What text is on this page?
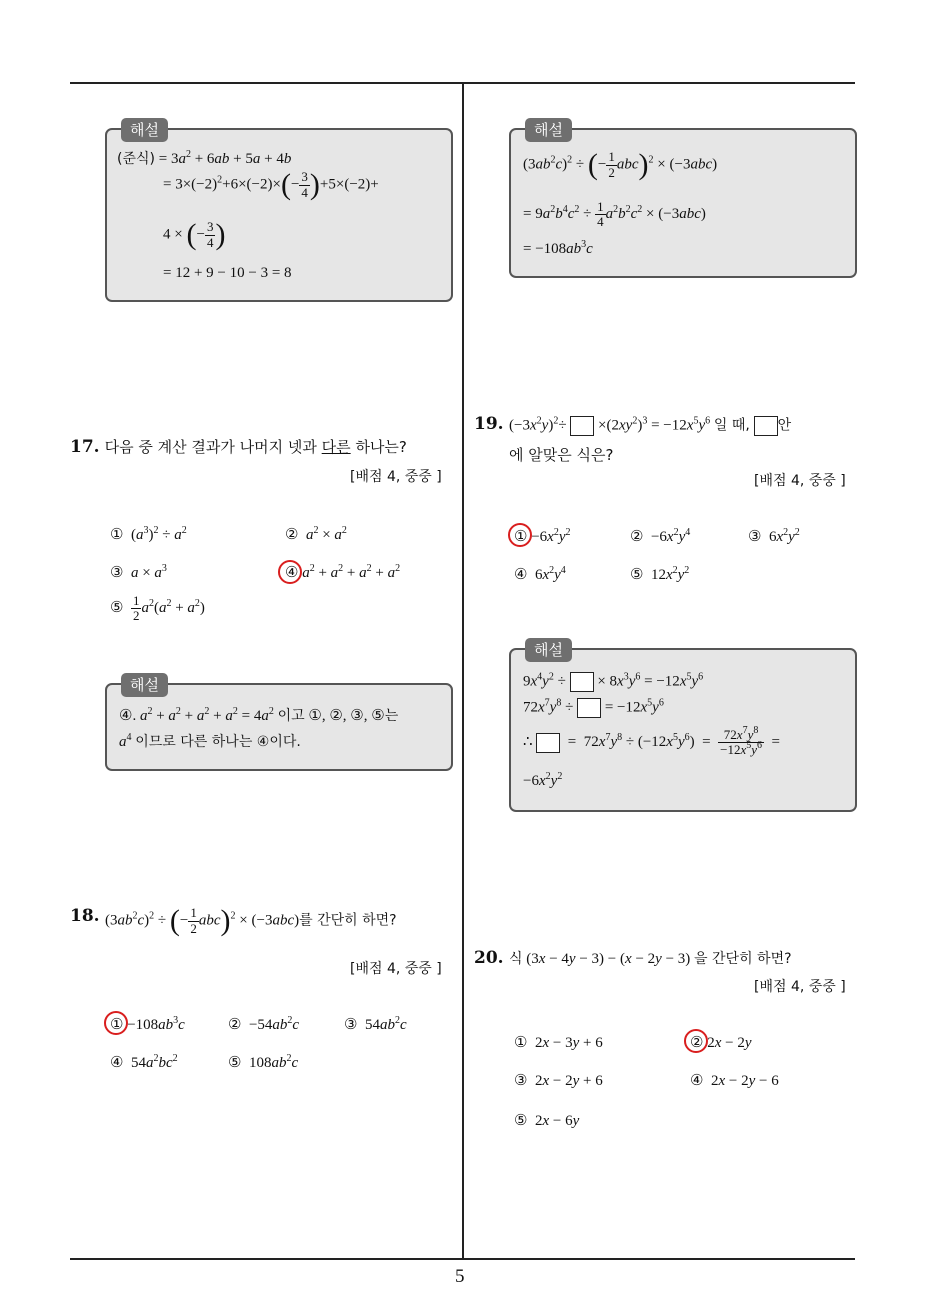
해설
(준식) = $3a^2 + 6ab + 5a + 4b$
= $3\times(-2)^2+6\times(-2)\times(- \frac{3}{4} )+5\times(-2)+$
4 × (− $\frac{3}{4}$ )
= 12 + 9 − 10 − 3 = 8
해설
$(3ab^2c)^2$ ÷ (− $\frac{1}{2} abc)^2 \times (-3abc)$
= $9a^2b^4c^2 \div \frac{1}{4} a^2b^2c^2 \times (-3abc)$
= $-108ab^3c$
17. 다음 중 계산 결과가 나머지 넷과 다른 하나는?
[배점 4, 중중 ]
①  $(a^3)^2 \div a^2$	②  $a^2 \times a^2$
③  $a \times a^3$	④ $a^2 + a^2 + a^2 + a^2$
⑤ $\frac{1}{2} a^2(a^2 + a^2)$
해설
④. $a^2 + a^2 + a^2 + a^2 = 4a^2$ 이고 ①, ②, ③, ⑤는
$a^4$ 이므로 다른 하나는 ④이다.
18. $(3ab^2c)^2$ ÷ (− $\frac{1}{2} abc)^2 \times (-3abc)$를 간단히 하면?
[배점 4, 중중 ]
① $-108ab^3c$	②  $-54ab^2c$	③  $54ab^2c$
④  $54a^2bc^2$	⑤  $108ab^2c$
19. $(-3x^2y)^2\div \times(2xy^2)^3 = -12x^5y^6$ 일 때, 안
에 알맞은 식은?
[배점 4, 중중 ]
① $-6x^2y^2$	②  $-6x^2y^4$	③  $6x^2y^2$
④  $6x^2y^4$	⑤  $12x^2y^2$
해설
$9x^4y^2$ ÷  × $8x^3y^6 = -12x^5y^6$
$72x^7y^8$ ÷  = $-12x^5y^6$
∴   =  $72x^7y^8 \div (-12x^5y^6) = \frac{72x^7y^8}{-12x^5y^6}$ =
$-6x^2y^2$
20. 식 (3x − 4y − 3) − (x − 2y − 3) 을 간단히 하면?
[배점 4, 중중 ]
①  2x − 3y + 6	② 2x − 2y
③  2x − 2y + 6	④  2x − 2y − 6
⑤  2x − 6y
5
